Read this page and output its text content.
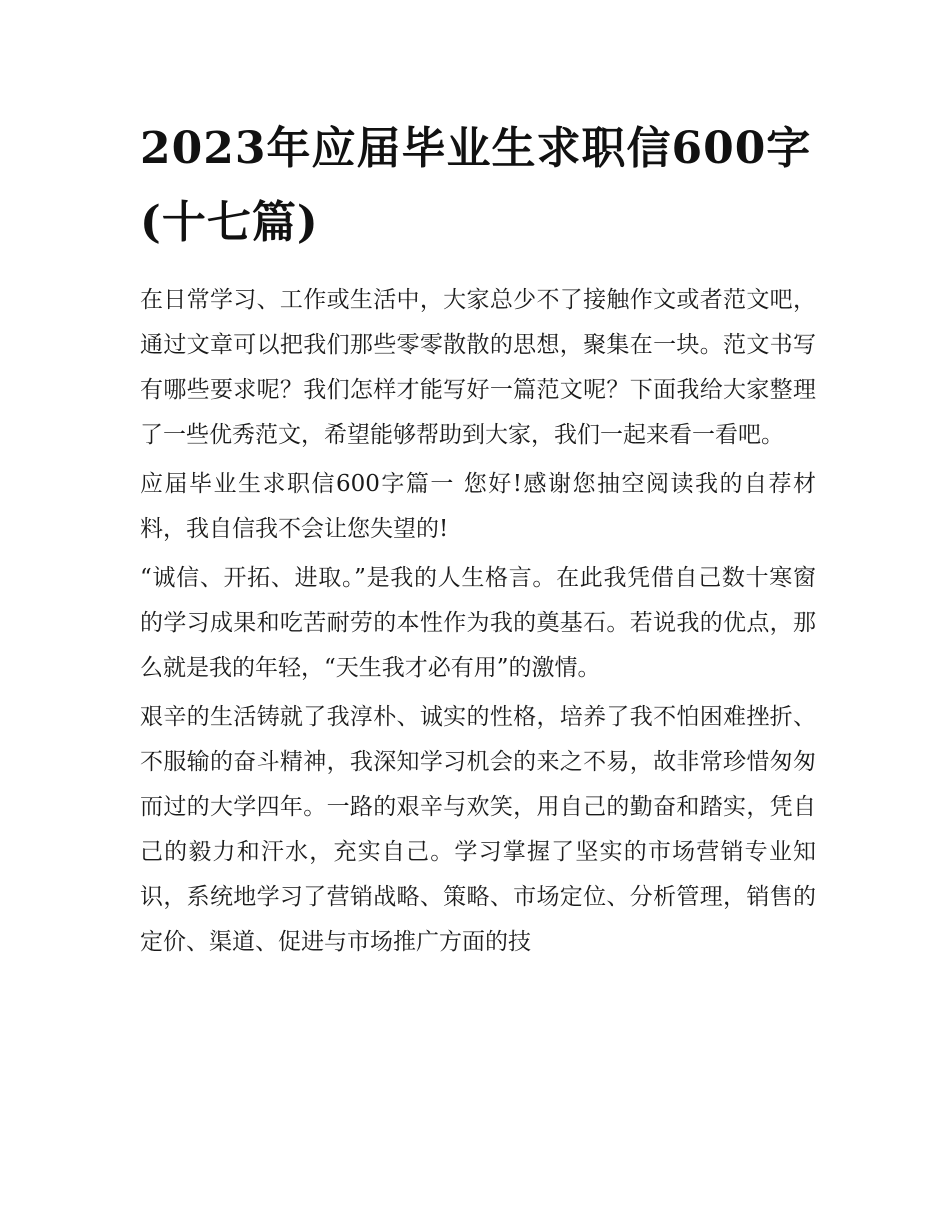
2023年应届毕业生求职信600字(十七篇)

在日常学习、工作或生活中，大家总少不了接触作文或者范文吧，通过文章可以把我们那些零零散散的思想，聚集在一块。范文书写有哪些要求呢？我们怎样才能写好一篇范文呢？下面我给大家整理了一些优秀范文，希望能够帮助到大家，我们一起来看一看吧。

应届毕业生求职信600字篇一 您好!感谢您抽空阅读我的自荐材料，我自信我不会让您失望的!

“诚信、开拓、进取。”是我的人生格言。在此我凭借自己数十寒窗的学习成果和吃苦耐劳的本性作为我的奠基石。若说我的优点，那么就是我的年轻，“天生我才必有用”的激情。

艰辛的生活铸就了我淳朴、诚实的性格，培养了我不怕困难挫折、不服输的奋斗精神，我深知学习机会的来之不易，故非常珍惜匆匆而过的大学四年。一路的艰辛与欢笑，用自己的勤奋和踏实，凭自己的毅力和汗水，充实自己。学习掌握了坚实的市场营销专业知识，系统地学习了营销战略、策略、市场定位、分析管理，销售的定价、渠道、促进与市场推广方面的技
